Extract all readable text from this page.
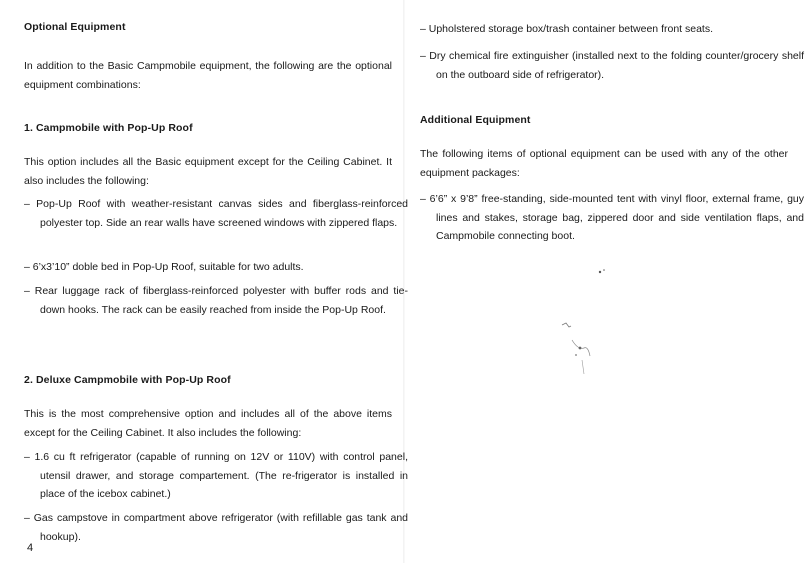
Optional Equipment
In addition to the Basic Campmobile equipment, the following are the optional equipment combinations:
1. Campmobile with Pop-Up Roof
This option includes all the Basic equipment except for the Ceiling Cabinet. It also includes the following:
– Pop-Up Roof with weather-resistant canvas sides and fiberglass-reinforced polyester top. Side an rear walls have screened windows with zippered flaps.
– 6’x3’10” doble bed in Pop-Up Roof, suitable for two adults.
– Rear luggage rack of fiberglass-reinforced polyester with buffer rods and tie-down hooks. The rack can be easily reached from inside the Pop-Up Roof.
2. Deluxe Campmobile with Pop-Up Roof
This is the most comprehensive option and includes all of the above items except for the Ceiling Cabinet. It also includes the following:
– 1.6 cu ft refrigerator (capable of running on 12V or 110V) with control panel, utensil drawer, and storage compartement. (The re-frigerator is installed in place of the icebox cabinet.)
– Gas campstove in compartment above refrigerator (with refillable gas tank and hookup).
4
– Upholstered storage box/trash container between front seats.
– Dry chemical fire extinguisher (installed next to the folding counter/grocery shelf on the outboard side of refrigerator).
Additional Equipment
The following items of optional equipment can be used with any of the other equipment packages:
– 6’6” x 9’8” free-standing, side-mounted tent with vinyl floor, external frame, guy lines and stakes, storage bag, zippered door and side ventilation flaps, and Campmobile connecting boot.
